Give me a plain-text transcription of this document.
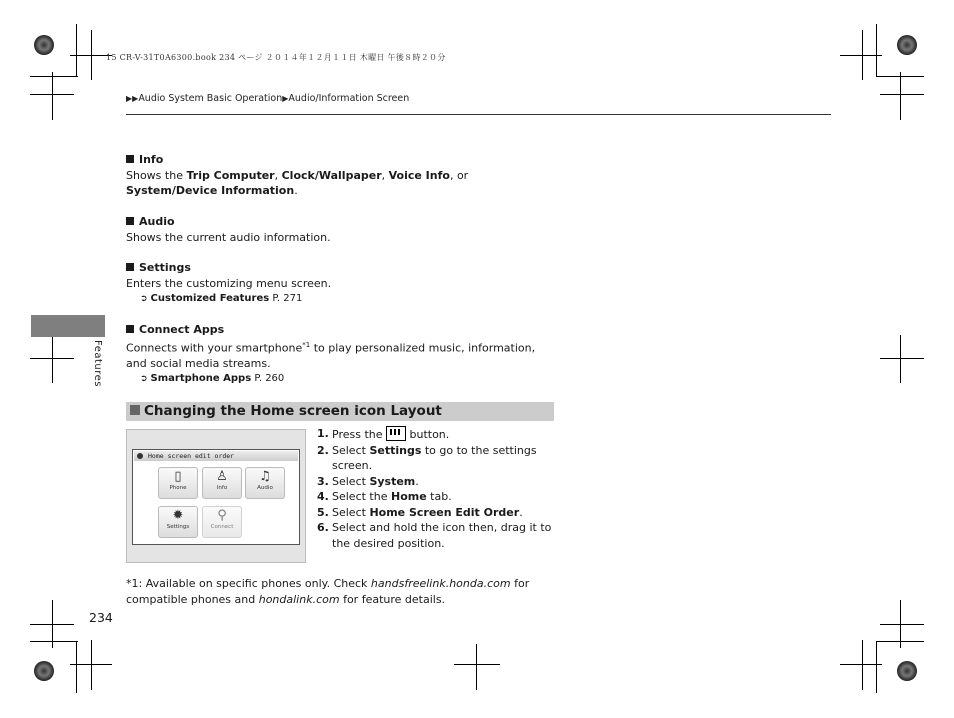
15 CR-V-31T0A6300.book 234 ページ ２０１４年１２月１１日 木曜日 午後８時２０分
▶▶Audio System Basic Operation▶Audio/Information Screen
Info
Shows the Trip Computer, Clock/Wallpaper, Voice Info, or System/Device Information.
Audio
Shows the current audio information.
Settings
Enters the customizing menu screen.
➲ Customized Features P. 271
Connect Apps
Connects with your smartphone$^{*1}$ to play personalized music, information, and social media streams.
➲ Smartphone Apps P. 260
Features
Changing the Home screen icon Layout
Home screen edit order
▯
Phone
♙
Info
♫
Audio
✹
Settings
⚲
Connect
1. Press the  button.
2. Select Settings to go to the settings screen.
3. Select System.
4. Select the Home tab.
5. Select Home Screen Edit Order.
6. Select and hold the icon then, drag it to the desired position.
*1: Available on specific phones only. Check handsfreelink.honda.com for compatible phones and hondalink.com for feature details.
234
